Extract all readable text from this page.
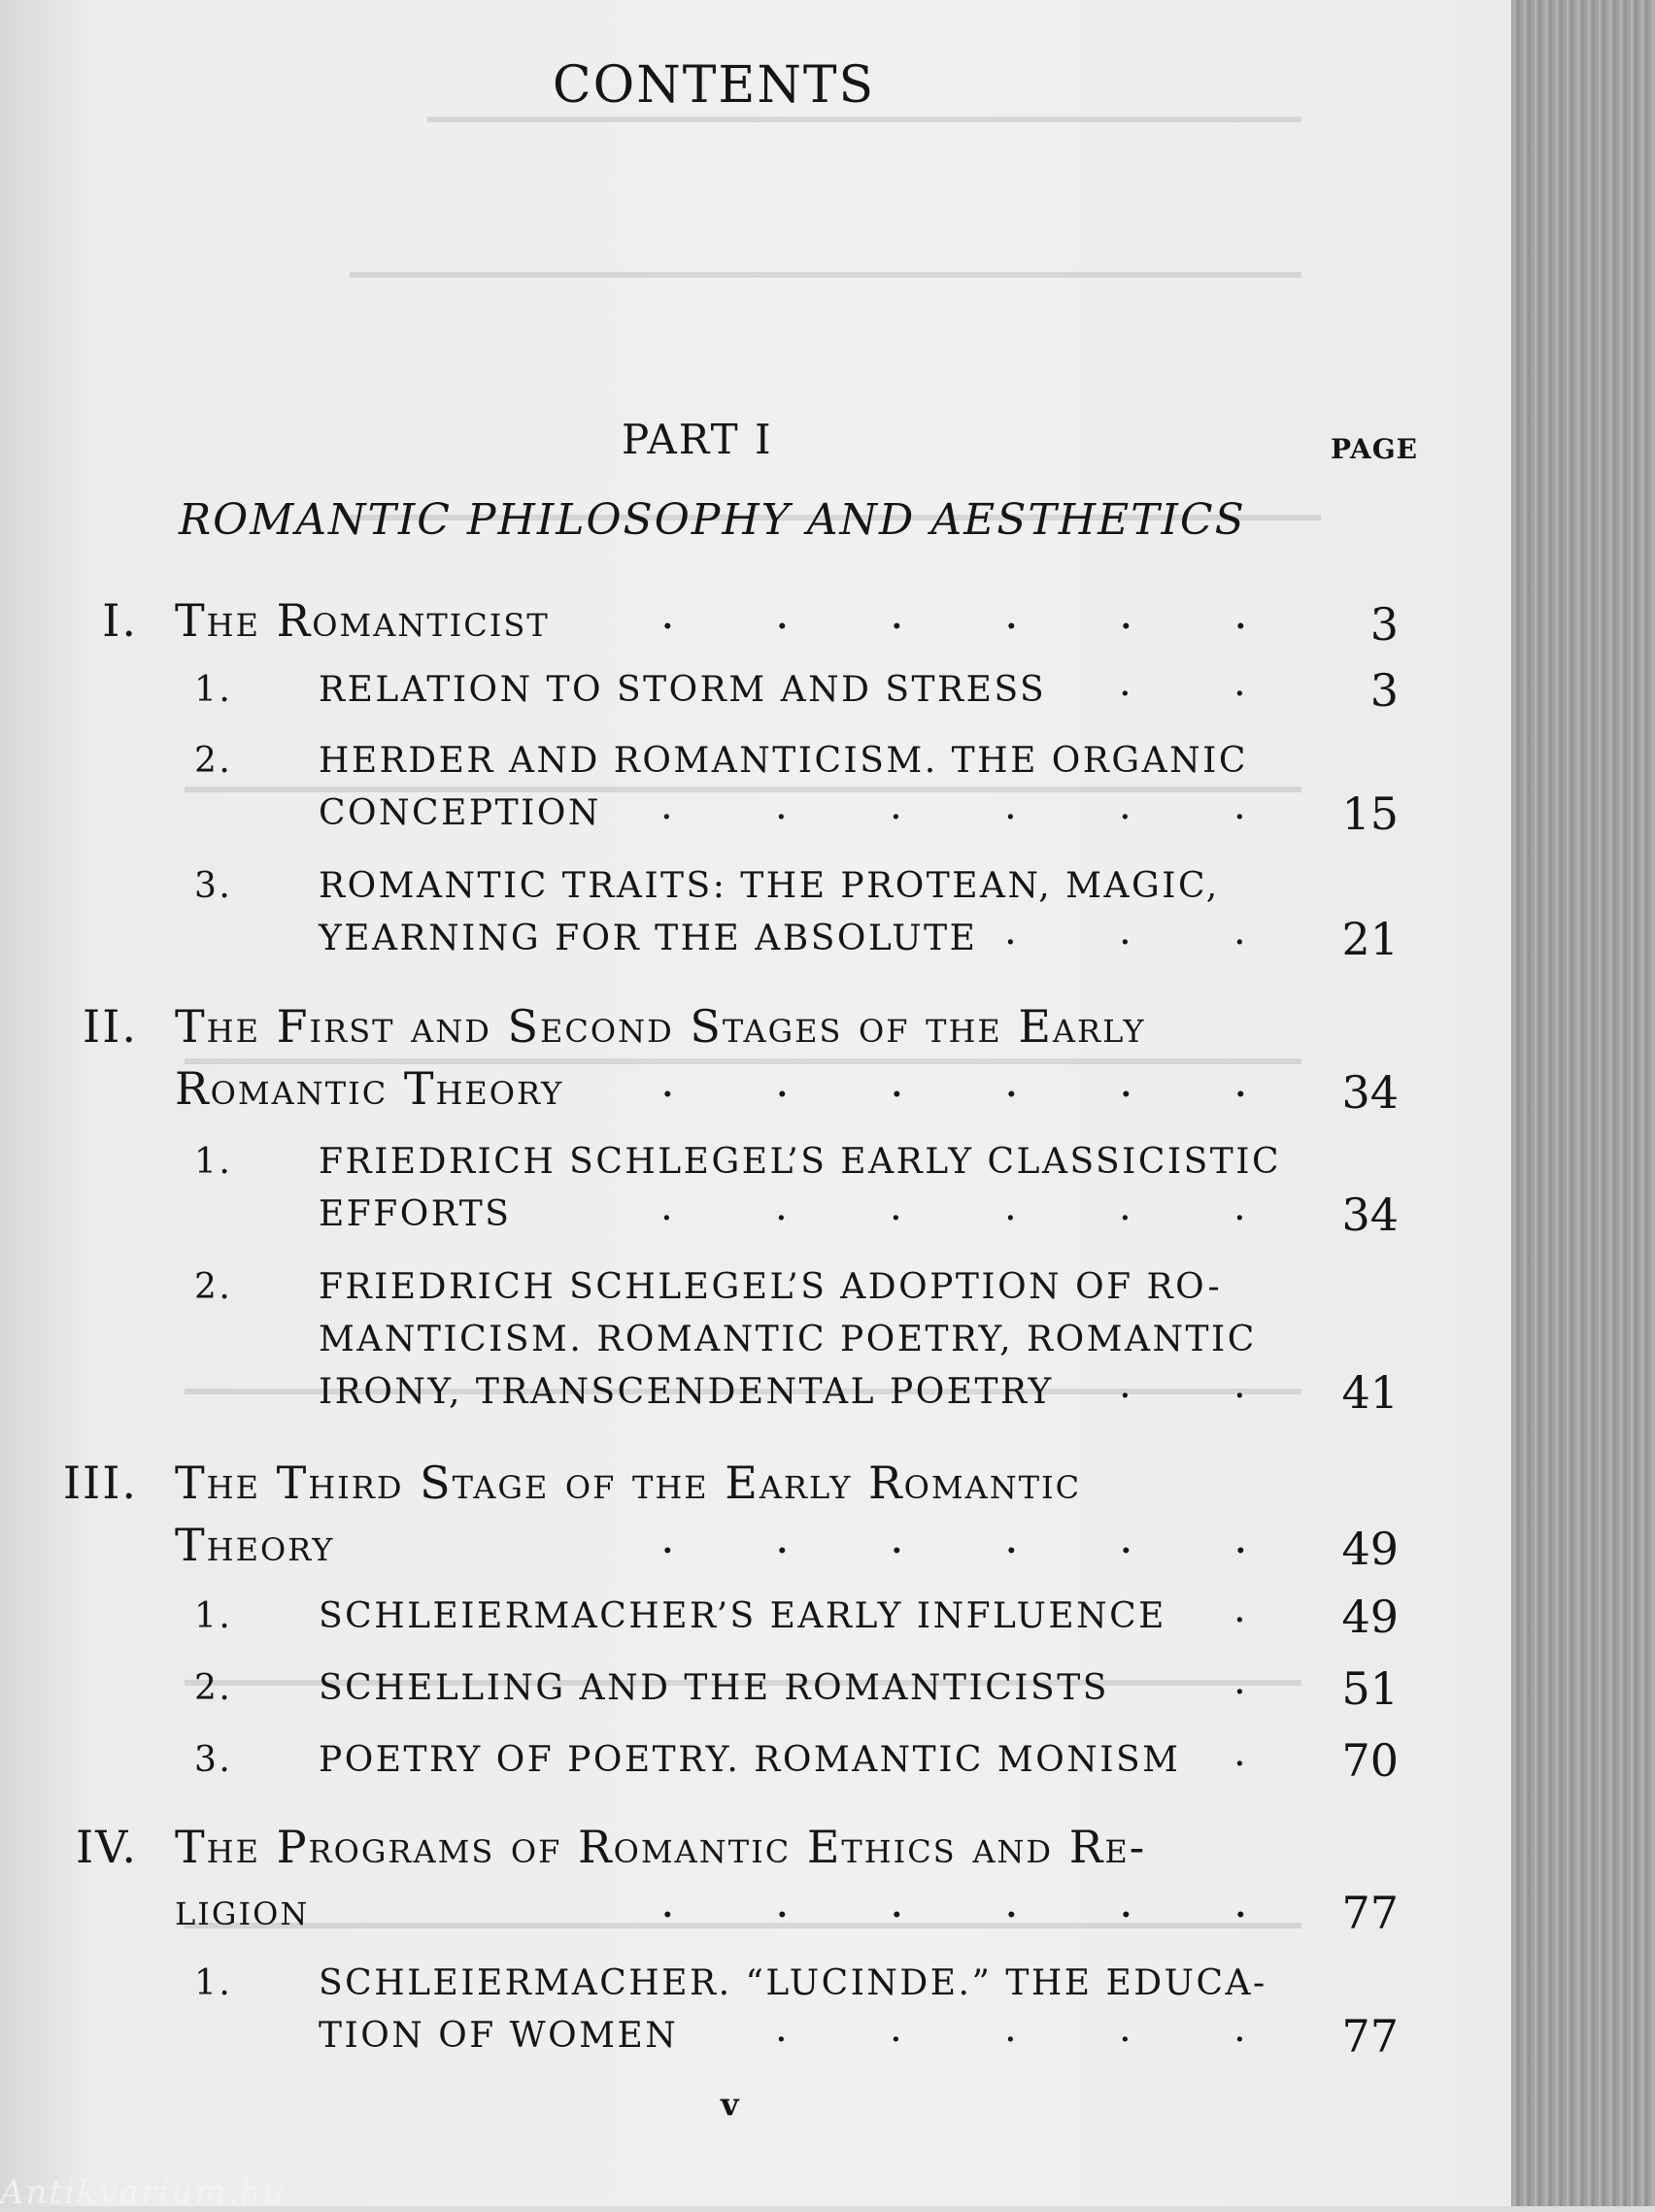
CONTENTS
PART I	PAGE
ROMANTIC PHILOSOPHY AND AESTHETICS
I. The Romanticist . . . . . .	3
1.	RELATION TO STORM AND STRESS .	.	3
2.	HERDER AND ROMANTICISM. THE ORGANIC
CONCEPTION .	.	.	.	.	.	15
3.	ROMANTIC TRAITS: THE PROTEAN, MAGIC,
YEARNING FOR THE ABSOLUTE .	.	.	21
II. The First and Second Stages of the Early
Romantic Theory . . . . . .	34
1.	FRIEDRICH SCHLEGEL’S EARLY CLASSICISTIC
EFFORTS	.	.	.	.	.	.	34
2.	FRIEDRICH SCHLEGEL’S ADOPTION OF RO-
MANTICISM. ROMANTIC POETRY, ROMANTIC
IRONY, TRANSCENDENTAL POETRY .	.	41
III. The Third Stage of the Early Romantic
Theory	. . . . . .	49
1.	SCHLEIERMACHER’S EARLY INFLUENCE .	49
2.	SCHELLING AND THE ROMANTICISTS	.	51
3.	POETRY OF POETRY. ROMANTIC MONISM .	70
IV. The Programs of Romantic Ethics and Re-
ligion	. . . . . .	77
1.	SCHLEIERMACHER. “LUCINDE.” THE EDUCA-
TION OF WOMEN .	.	.	.	.	77
v
Antikvarium.hu
